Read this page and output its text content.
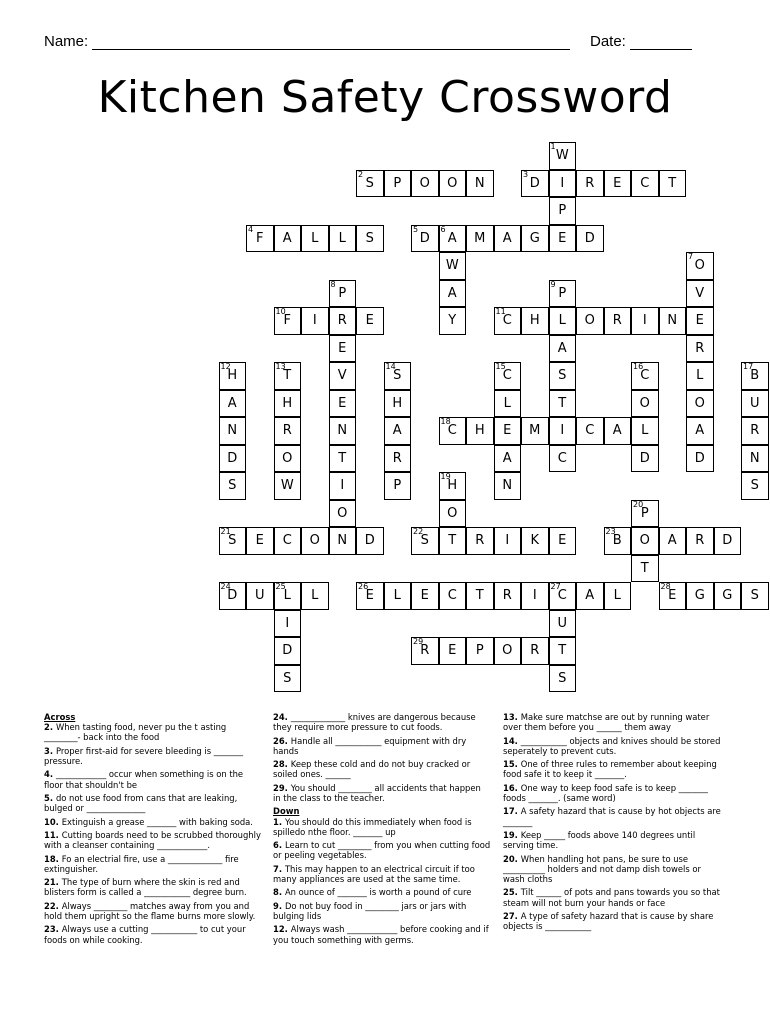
Name:	Date:
Kitchen Safety Crossword
1
W
I
P
E
2
S P O O N
3
D	R E C T
4
F A L L S
5
D
6
A M A G	D
W
A
Y
7
O
V
E
R
L
O
A
D
8
P
R
E
V
E
N
T
I
O
N
9
P
L
A
S
T
I
C
10
F I	E
11
C H	O R I N
12
H
A
N
D
S
13
T
H
R
O
W
14
S
H
A
R
P
15
C
L
E
A
N
16
C
O
L
D
17
B
U
R
N
S
18
C H	M	C A
19
H
O
T
20
P
O
T
21
S E C O	D
22
S	R I K E
23
B	A R D
24
D U
25
L L
I
D
S
26
E L E C T R I
27
C A L
U
T
S
28
E G G S
29
R E P O R
Across
2. When tasting food, never pu the t asting ________- back into the food
3. Proper first-aid for severe bleeding is _______ pressure.
4. ____________ occur when something is on the floor that shouldn't be
5. do not use food from cans that are leaking, bulged or ______________
10. Extinguish a grease _______ with baking soda.
11. Cutting boards need to be scrubbed thoroughly with a cleanser containing ____________.
18. Fo an electrial fire, use a _____________ fire extinguisher.
21. The type of burn where the skin is red and blisters form is called a ___________ degree burn.
22. Always ________ matches away from you and hold them upright so the flame burns more slowly.
23. Always use a cutting ___________ to cut your foods on while cooking.
24. _____________ knives are dangerous because they require more pressure to cut foods.
26. Handle all ___________ equipment with dry hands
28. Keep these cold and do not buy cracked or soiled ones. ______
29. You should ________ all accidents that happen in the class to the teacher.
Down
1. You should do this immediately when food is spilledo nthe floor. _______ up
6. Learn to cut ________ from you when cutting food or peeling vegetables.
7. This may happen to an electrical circuit if too many appliances are used at the same time.
8. An ounce of _______ is worth a pound of cure
9. Do not buy food in ________ jars or jars with bulging lids
12. Always wash ____________ before cooking and if you touch something with germs.
13. Make sure matchse are out by running water over them before you ______ them away
14. ___________ objects and knives should be stored seperately to prevent cuts.
15. One of three rules to remember about keeping food safe it to keep it _______.
16. One way to keep food safe is to keep _______ foods _______. (same word)
17. A safety hazard that is cause by hot objects are _______
19. Keep _____ foods above 140 degrees until serving time.
20. When handling hot pans, be sure to use __________ holders and not damp dish towels or wash cloths
25. Tilt ______ of pots and pans towards you so that steam will not burn your hands or face
27. A type of safety hazard that is cause by share objects is ___________
